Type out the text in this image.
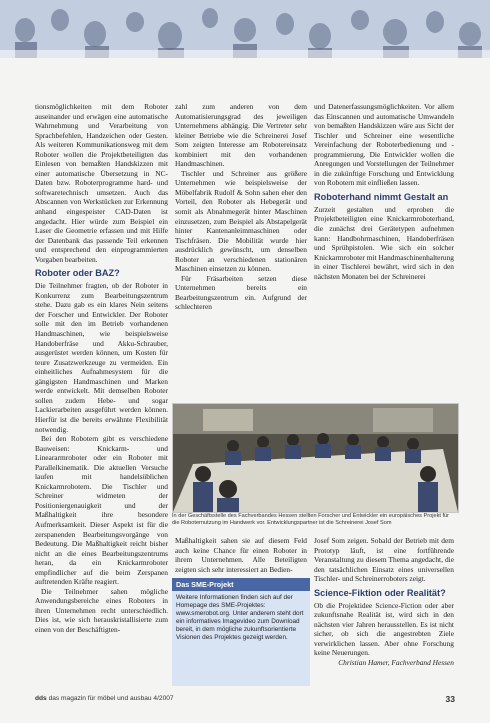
tionsmöglichkeiten mit dem Roboter auseinander und erwägen eine automatische Wahrnehmung und Verarbeitung von Sprachbefehlen, Handzeichen oder Gesten. Als weiteren Kommunikationsweg mit dem Roboter wollen die Projektbeteiligten das Einlesen von bemaßten Handskizzen mit einer automatische Übersetzung in NC-Daten bzw. Roboterprogramme hard- und softwaretechnisch umsetzen. Auch das Abscannen von Werkstücken zur Erkennung anhand eingespeister CAD-Daten ist angedacht. Hier würde zum Beispiel ein Laser die Geometrie erfassen und mit Hilfe der Datenbank das passende Teil erkennen und entsprechend den einprogrammierten Vorgaben bearbeiten.

Roboter oder BAZ?

Die Teilnehmer fragten, ob der Roboter in Konkurrenz zum Bearbeitungszentrum stehe. Dazu gab es ein klares Nein seitens der Forscher und Entwickler. Der Roboter solle mit den im Betrieb vorhandenen Handmaschinen, wie beispielsweise Handoberfräse und Akku-Schrauber, ausgerüstet werden können, um Kosten für teure Zusatzwerkzeuge zu vermeiden. Ein einheitliches Aufnahmesystem für die gängigsten Handmaschinen und Marken werde entwickelt. Mit demselben Roboter sollen zudem Hebe- und sogar Lackierarbeiten ausgeführt werden können. Hierfür ist die bereits erwähnte Flexibilität notwendig.

Bei den Robotern gibt es verschiedene Bauweisen: Knickarm- und Lineararmroboter oder ein Roboter mit Parallelkinematik. Die aktuellen Versuche laufen mit handelsüblichen Knickarmrobotern. Die Tischler und Schreiner widmeten der Positioniergenauigkeit und der Maßhaltigkeit ihre besondere Aufmerksamkeit. Dieser Aspekt ist für die zerspanenden Bearbeitungsvorgänge von Bedeutung. Die Maßhaltigkeit reicht bisher nicht an die eines Bearbeitungszentrums heran, da ein Knickarmroboter empfindlicher auf die beim Zerspanen auftretenden Kräfte reagiert.

Die Teilnehmer sahen mögliche Anwendungsbereiche eines Roboters in ihren Unternehmen recht unterschiedlich. Dies ist, wie sich herauskristallisierte zum einen von der Beschäftigten-

zahl zum anderen von dem Automatisierungsgrad des jeweiligen Unternehmens abhängig. Die Vertreter sehr kleiner Betriebe wie die Schreinerei Josef Som zeigten Interesse am Robotereinsatz kombiniert mit den vorhandenen Handmaschinen.

Tischler und Schreiner aus größere Unternehmen wie beispielsweise der Möbelfabrik Rudolf & Sohn sahen eher den Vorteil, den Roboter als Hebegerät und somit als Abnahmegerät hinter Maschinen einzusetzen, zum Beispiel als Abstapelgerät hinter Kantenanleimmaschinen oder Tischfräsen. Die Mobilität wurde hier ausdrücklich gewünscht, um denselben Roboter an verschiedenen stationären Maschinen einsetzen zu können.

Für Fräsarbeiten setzen diese Unternehmen bereits ein Bearbeitungszentrum ein. Aufgrund der schlechteren

und Datenerfassungsmöglichkeiten. Vor allem das Einscannen und automatische Umwandeln von bemaßten Handskizzen wäre aus Sicht der Tischler und Schreiner eine wesentliche Vereinfachung der Roboterbedienung und -programmierung. Die Entwickler wollen die Anregungen und Vorstellungen der Teilnehmer in die zukünftige Forschung und Entwicklung von Robotern mit einfließen lassen.

Roboterhand nimmt Gestalt an

Zurzeit gestalten und erproben die Projektbeteiligten eine Knickarmroboterhand, die zunächst drei Gerätetypen aufnehmen kann: Handbohrmaschinen, Handoberfräsen und Sprühpistolen. Wie sich ein solcher Knickarmroboter mit Handmaschinenhalterung in einer Tischlerei bewährt, wird sich in den nächsten Monaten bei der Schreinerei

In der Geschäftsstelle des Fachverbandes Hessen stellten Forscher und Entwickler ein europäisches Projekt für die Roboternutzung im Handwerk vor. Entwicklungspartner ist die Schreinerei Josef Som

Maßhaltigkeit sahen sie auf diesem Feld auch keine Chance für einen Roboter in ihrem Unternehmen. Alle Beteiligten zeigten sich sehr interessiert an Bedien-

Das SME-Projekt
Weitere Informationen finden sich auf der Homepage des SME-Projektes: www.smerobot.org. Unter anderem steht dort ein informatives Imagevideo zum Download bereit, in dem mögliche zukunftsorientierte Visionen des Projektes gezeigt werden.

Josef Som zeigen. Sobald der Betrieb mit dem Prototyp läuft, ist eine fortführende Veranstaltung zu diesem Thema angedacht, die den tatsächlichen Einsatz eines universellen Tischler- und Schreinerroboters zeigt.

Science-Fiktion oder Realität?

Ob die Projektidee Science-Fiction oder aber zukunftsnahe Realität ist, wird sich in den nächsten vier Jahren herausstellen. Es ist nicht sicher, ob sich die angestrebten Ziele verwirklichen lassen. Aber ohne Forschung keine Neuerungen.

Christian Hamer, Fachverband Hessen

dds das magazin für möbel und ausbau 4/2007	33
